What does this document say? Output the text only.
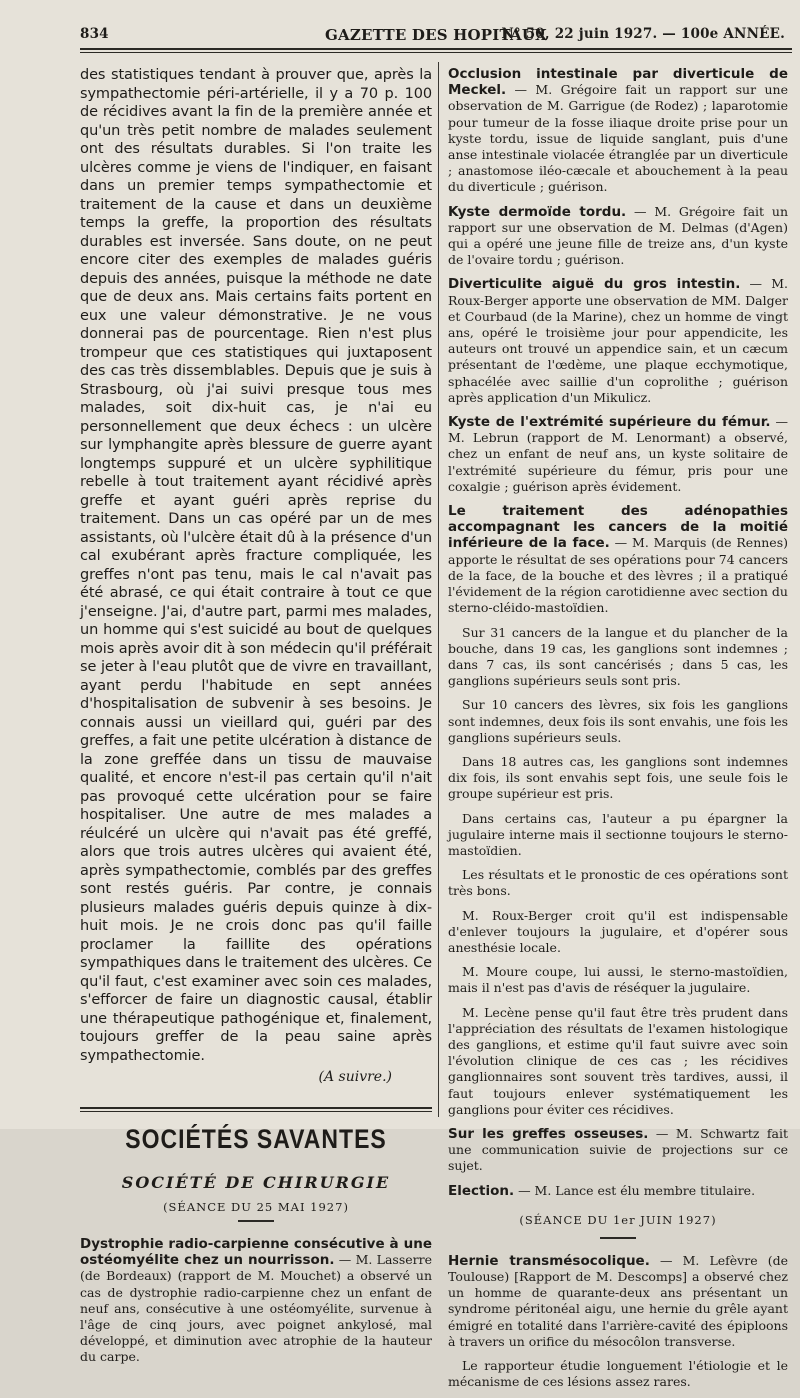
834	GAZETTE DES HOPITAUX
N° 50, 22 juin 1927. — 100e ANNÉE.

des statistiques tendant à prouver que, après la sympathectomie péri-artérielle, il y a 70 p. 100 de récidives avant la fin de la première année et qu'un très petit nombre de malades seulement ont des résultats durables. Si l'on traite les ulcères comme je viens de l'indiquer, en faisant dans un premier temps sympathectomie et traitement de la cause et dans un deuxième temps la greffe, la proportion des résultats durables est inversée. Sans doute, on ne peut encore citer des exemples de malades guéris depuis des années, puisque la méthode ne date que de deux ans. Mais certains faits portent en eux une valeur démonstrative. Je ne vous donnerai pas de pourcentage. Rien n'est plus trompeur que ces statistiques qui juxtaposent des cas très dissemblables. Depuis que je suis à Strasbourg, où j'ai suivi presque tous mes malades, soit dix-huit cas, je n'ai eu personnellement que deux échecs : un ulcère sur lymphangite après blessure de guerre ayant longtemps suppuré et un ulcère syphilitique rebelle à tout traitement ayant récidivé après greffe et ayant guéri après reprise du traitement. Dans un cas opéré par un de mes assistants, où l'ulcère était dû à la présence d'un cal exubérant après fracture compliquée, les greffes n'ont pas tenu, mais le cal n'avait pas été abrasé, ce qui était contraire à tout ce que j'enseigne. J'ai, d'autre part, parmi mes malades, un homme qui s'est suicidé au bout de quelques mois après avoir dit à son médecin qu'il préférait se jeter à l'eau plutôt que de vivre en travaillant, ayant perdu l'habitude en sept années d'hospitalisation de subvenir à ses besoins. Je connais aussi un vieillard qui, guéri par des greffes, a fait une petite ulcération à distance de la zone greffée dans un tissu de mauvaise qualité, et encore n'est-il pas certain qu'il n'ait pas provoqué cette ulcération pour se faire hospitaliser. Une autre de mes malades a réulcéré un ulcère qui n'avait pas été greffé, alors que trois autres ulcères qui avaient été, après sympathectomie, comblés par des greffes sont restés guéris. Par contre, je connais plusieurs malades guéris depuis quinze à dix-huit mois. Je ne crois donc pas qu'il faille proclamer la faillite des opérations sympathiques dans le traitement des ulcères. Ce qu'il faut, c'est examiner avec soin ces malades, s'efforcer de faire un diagnostic causal, établir une thérapeutique pathogénique et, finalement, toujours greffer de la peau saine après sympathectomie.

(A suivre.)
SOCIÉTÉS SAVANTES
SOCIÉTÉ DE CHIRURGIE
(SÉANCE DU 25 MAI 1927)

Dystrophie radio-carpienne consécutive à une ostéomyélite chez un nourrisson. — M. Lasserre (de Bordeaux) (rapport de M. Mouchet) a observé un cas de dystrophie radio-carpienne chez un enfant de neuf ans, consécutive à une ostéomyélite, survenue à l'âge de cinq jours, avec poignet ankylosé, mal développé, et diminution avec atrophie de la hauteur du carpe.

Occlusion intestinale par diverticule de Meckel. — M. Grégoire fait un rapport sur une observation de M. Garrigue (de Rodez) ; laparotomie pour tumeur de la fosse iliaque droite prise pour un kyste tordu, issue de liquide sanglant, puis d'une anse intestinale violacée étranglée par un diverticule ; anastomose iléo-cæcale et abouchement à la peau du diverticule ; guérison.

Kyste dermoïde tordu. — M. Grégoire fait un rapport sur une observation de M. Delmas (d'Agen) qui a opéré une jeune fille de treize ans, d'un kyste de l'ovaire tordu ; guérison.

Diverticulite aiguë du gros intestin. — M. Roux-Berger apporte une observation de MM. Dalger et Courbaud (de la Marine), chez un homme de vingt ans, opéré le troisième jour pour appendicite, les auteurs ont trouvé un appendice sain, et un cæcum présentant de l'œdème, une plaque ecchymotique, sphacélée avec saillie d'un coprolithe ; guérison après application d'un Mikulicz.

Kyste de l'extrémité supérieure du fémur. — M. Lebrun (rapport de M. Lenormant) a observé, chez un enfant de neuf ans, un kyste solitaire de l'extrémité supérieure du fémur, pris pour une coxalgie ; guérison après évidement.

Le traitement des adénopathies accompagnant les cancers de la moitié inférieure de la face. — M. Marquis (de Rennes) apporte le résultat de ses opérations pour 74 cancers de la face, de la bouche et des lèvres ; il a pratiqué l'évidement de la région carotidienne avec section du sterno-cléido-mastoïdien.

Sur 31 cancers de la langue et du plancher de la bouche, dans 19 cas, les ganglions sont indemnes ; dans 7 cas, ils sont cancérisés ; dans 5 cas, les ganglions supérieurs seuls sont pris.

Sur 10 cancers des lèvres, six fois les ganglions sont indemnes, deux fois ils sont envahis, une fois les ganglions supérieurs seuls.

Dans 18 autres cas, les ganglions sont indemnes dix fois, ils sont envahis sept fois, une seule fois le groupe supérieur est pris.

Dans certains cas, l'auteur a pu épargner la jugulaire interne mais il sectionne toujours le sterno-mastoïdien.

Les résultats et le pronostic de ces opérations sont très bons.

M. Roux-Berger croit qu'il est indispensable d'enlever toujours la jugulaire, et d'opérer sous anesthésie locale.

M. Moure coupe, lui aussi, le sterno-mastoïdien, mais il n'est pas d'avis de réséquer la jugulaire.

M. Lecène pense qu'il faut être très prudent dans l'appréciation des résultats de l'examen histologique des ganglions, et estime qu'il faut suivre avec soin l'évolution clinique de ces cas ; les récidives ganglionnaires sont souvent très tardives, aussi, il faut toujours enlever systématiquement les ganglions pour éviter ces récidives.

Sur les greffes osseuses. — M. Schwartz fait une communication suivie de projections sur ce sujet.

Election. — M. Lance est élu membre titulaire.

(SÉANCE DU 1er JUIN 1927)

Hernie transmésocolique. — M. Lefèvre (de Toulouse) [Rapport de M. Descomps] a observé chez un homme de quarante-deux ans présentant un syndrome péritonéal aigu, une hernie du grêle ayant émigré en totalité dans l'arrière-cavité des épiploons à travers un orifice du mésocôlon transverse.

Le rapporteur étudie longuement l'étiologie et le mécanisme de ces lésions assez rares.
